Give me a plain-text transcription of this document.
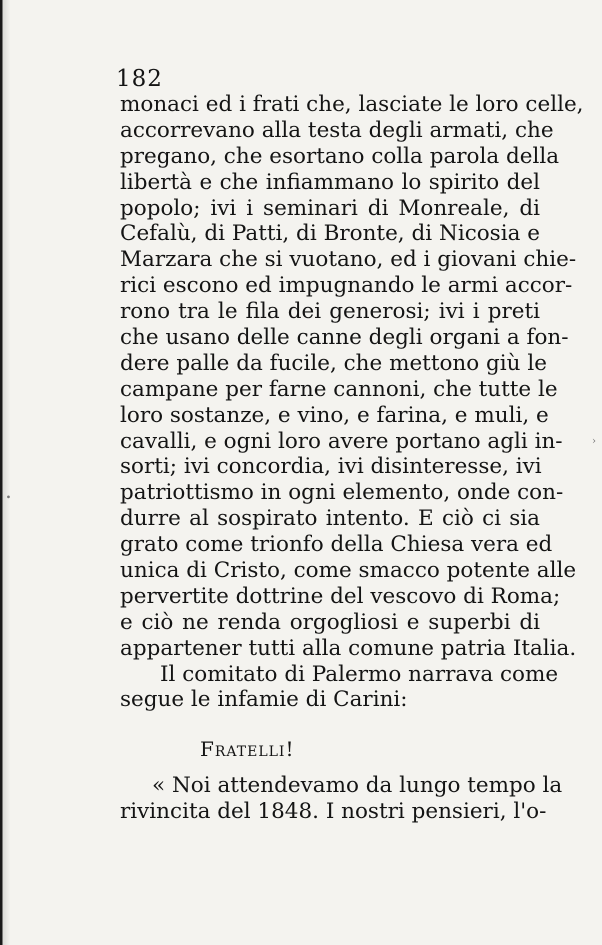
∙
›
182
monaci ed i frati che, lasciate le loro celle,
accorrevano alla testa degli armati, che
pregano, che esortano colla parola della
libertà e che infiammano lo spirito del
popolo; ivi i seminari di Monreale, di
Cefalù, di Patti, di Bronte, di Nicosia e
Marzara che si vuotano, ed i giovani chie-
rici escono ed impugnando le armi accor-
rono tra le fila dei generosi; ivi i preti
che usano delle canne degli organi a fon-
dere palle da fucile, che mettono giù le
campane per farne cannoni, che tutte le
loro sostanze, e vino, e farina, e muli, e
cavalli, e ogni loro avere portano agli in-
sorti; ivi concordia, ivi disinteresse, ivi
patriottismo in ogni elemento, onde con-
durre al sospirato intento. E ciò ci sia
grato come trionfo della Chiesa vera ed
unica di Cristo, come smacco potente alle
pervertite dottrine del vescovo di Roma;
e ciò ne renda orgogliosi e superbi di
appartener tutti alla comune patria Italia.
Il comitato di Palermo narrava come
segue le infamie di Carini:
Fratelli!
« Noi attendevamo da lungo tempo la
rivincita del 1848. I nostri pensieri, l'o-
